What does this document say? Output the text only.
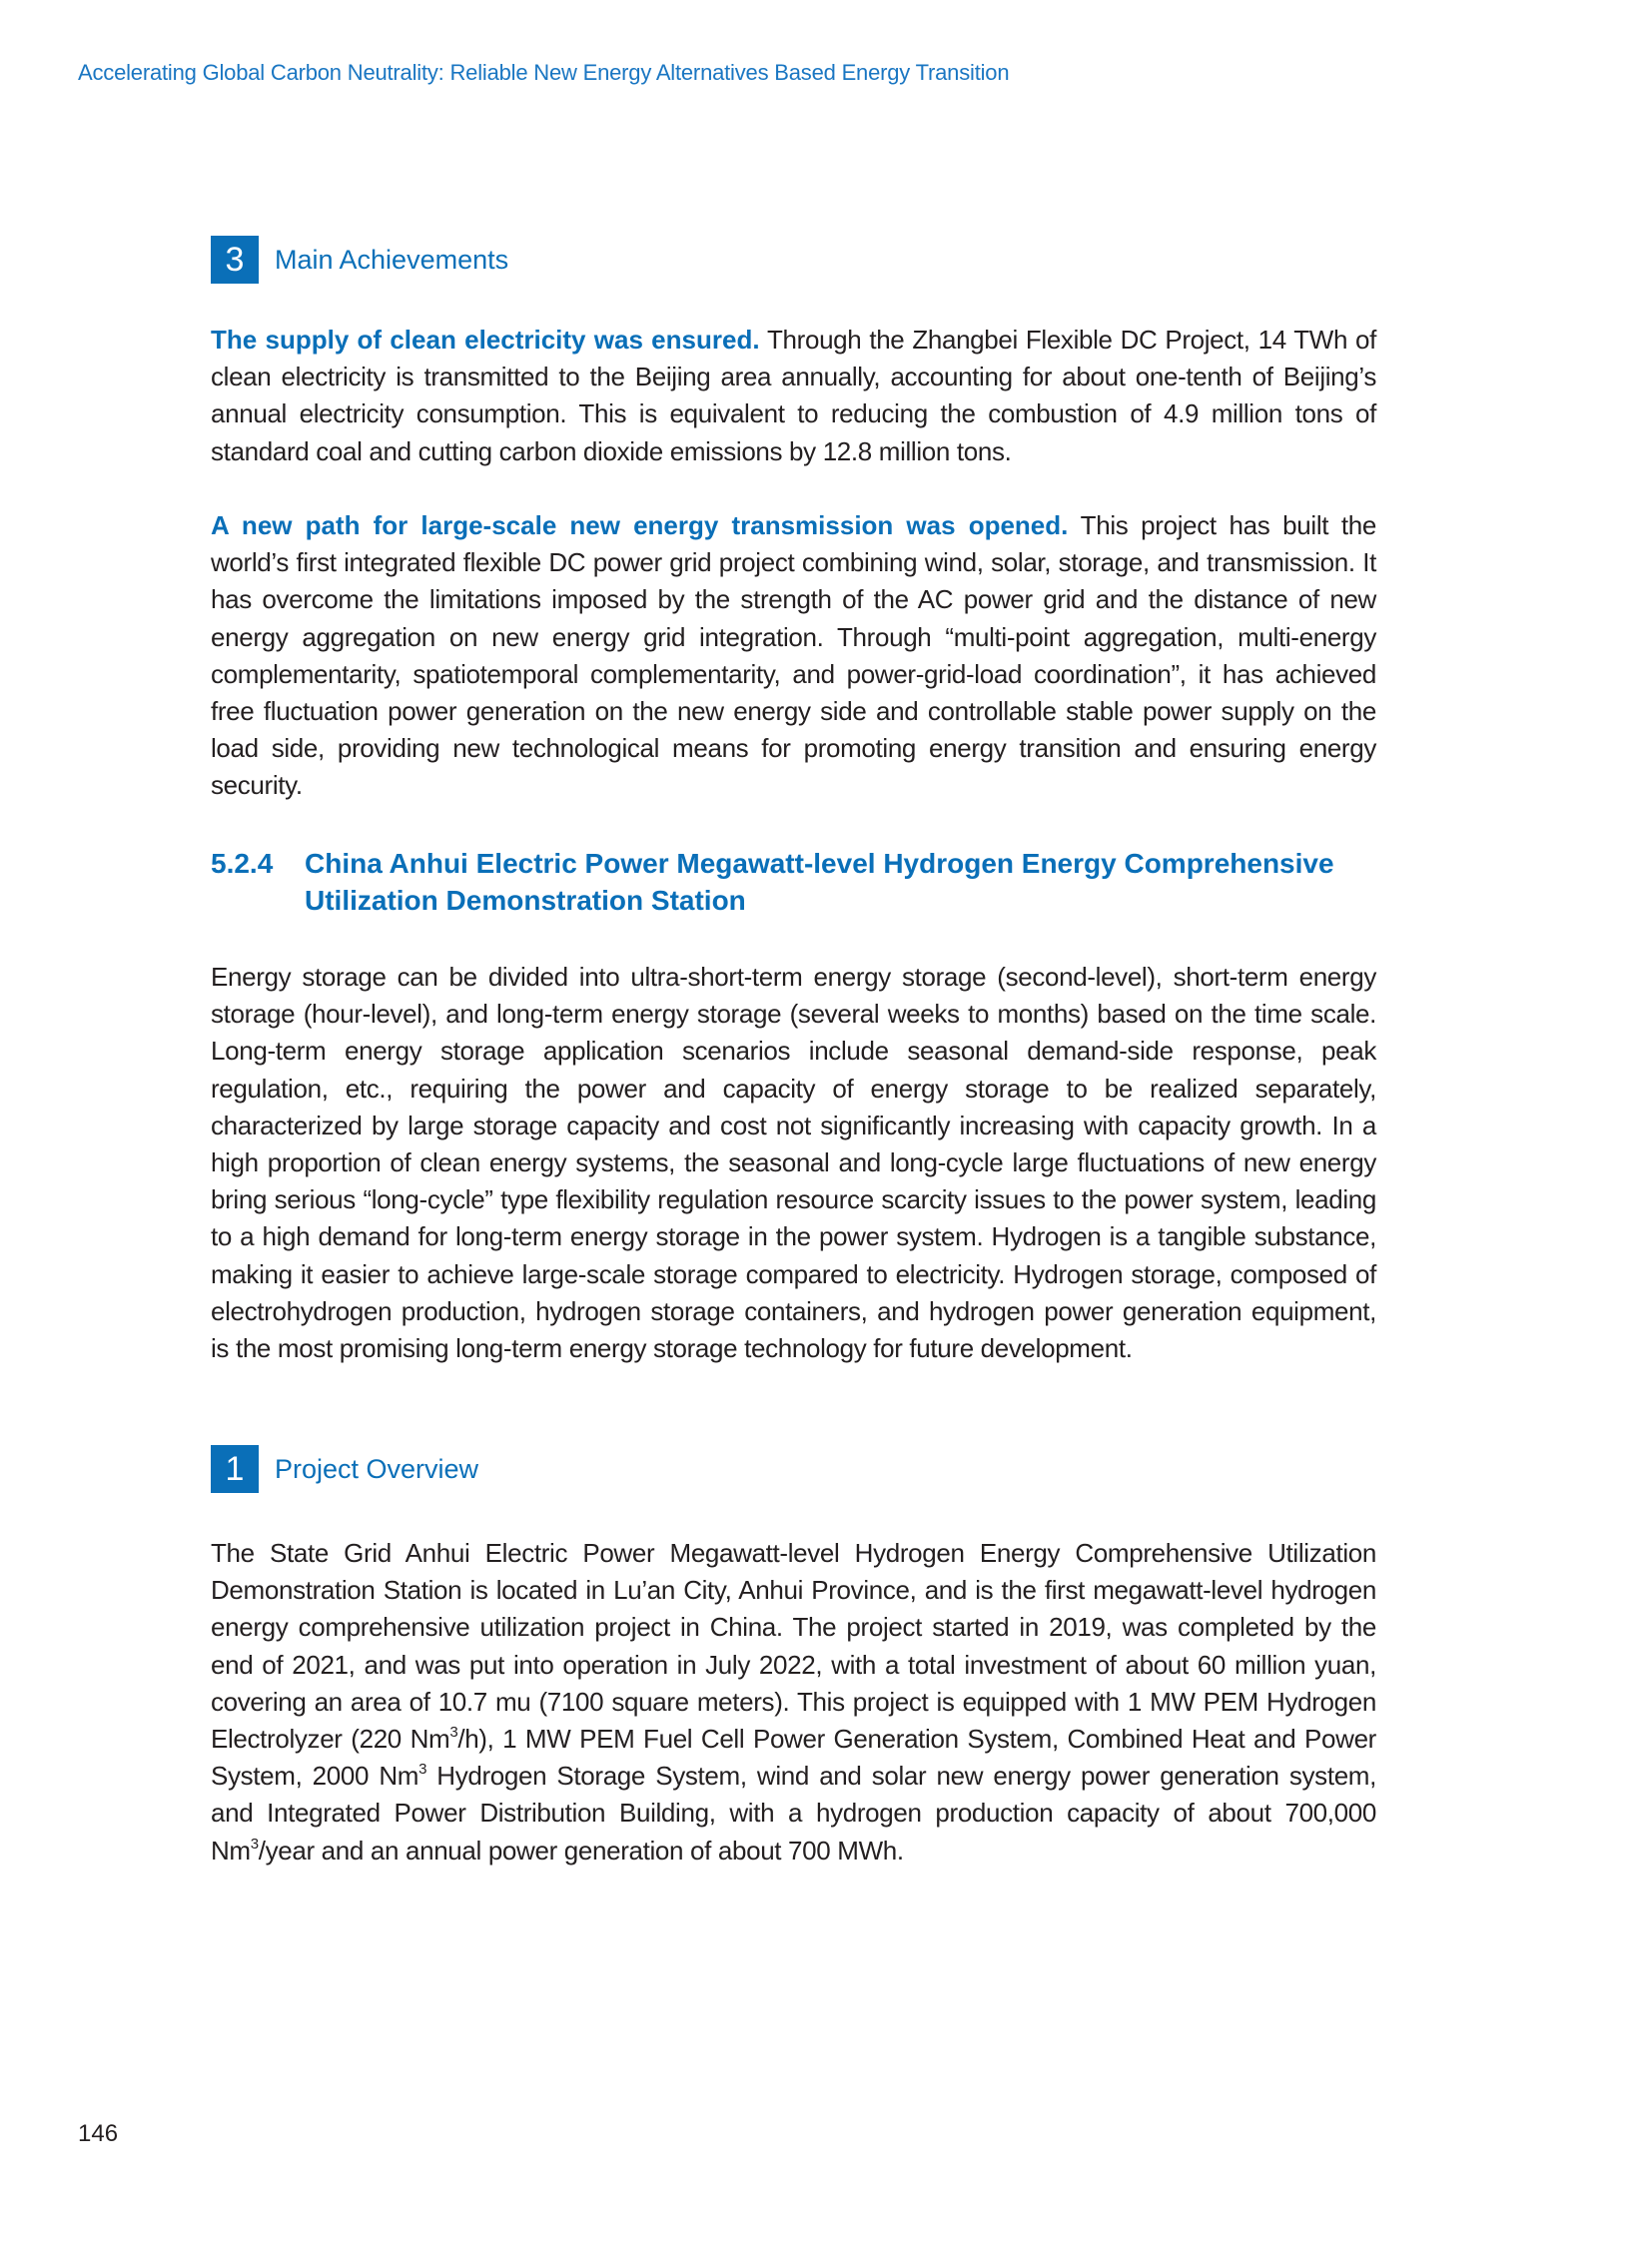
Accelerating Global Carbon Neutrality: Reliable New Energy Alternatives Based Energy Transition
3	Main Achievements

The supply of clean electricity was ensured. Through the Zhangbei Flexible DC Project, 14 TWh of clean electricity is transmitted to the Beijing area annually, accounting for about one-tenth of Beijing’s annual electricity consumption. This is equivalent to reducing the combustion of 4.9 million tons of standard coal and cutting carbon dioxide emissions by 12.8 million tons.

A new path for large-scale new energy transmission was opened. This project has built the world’s first integrated flexible DC power grid project combining wind, solar, storage, and transmission. It has overcome the limitations imposed by the strength of the AC power grid and the distance of new energy aggregation on new energy grid integration. Through “multi-point aggregation, multi-energy complementarity, spatiotemporal complementarity, and power-grid-load coordination”, it has achieved free fluctuation power generation on the new energy side and controllable stable power supply on the load side, providing new technological means for promoting energy transition and ensuring energy security.

5.2.4	China Anhui Electric Power Megawatt-level Hydrogen Energy Comprehensive Utilization Demonstration Station

Energy storage can be divided into ultra-short-term energy storage (second-level), short-term energy storage (hour-level), and long-term energy storage (several weeks to months) based on the time scale. Long-term energy storage application scenarios include seasonal demand-side response, peak regulation, etc., requiring the power and capacity of energy storage to be realized separately, characterized by large storage capacity and cost not significantly increasing with capacity growth. In a high proportion of clean energy systems, the seasonal and long-cycle large fluctuations of new energy bring serious “long-cycle” type flexibility regulation resource scarcity issues to the power system, leading to a high demand for long-term energy storage in the power system. Hydrogen is a tangible substance, making it easier to achieve large-scale storage compared to electricity. Hydrogen storage, composed of electrohydrogen production, hydrogen storage containers, and hydrogen power generation equipment, is the most promising long-term energy storage technology for future development.

1	Project Overview

The State Grid Anhui Electric Power Megawatt-level Hydrogen Energy Comprehensive Utilization Demonstration Station is located in Lu’an City, Anhui Province, and is the first megawatt-level hydrogen energy comprehensive utilization project in China. The project started in 2019, was completed by the end of 2021, and was put into operation in July 2022, with a total investment of about 60 million yuan, covering an area of 10.7 mu (7100 square meters). This project is equipped with 1 MW PEM Hydrogen Electrolyzer (220 Nm$^3$/h), 1 MW PEM Fuel Cell Power Generation System, Combined Heat and Power System, 2000 Nm$^3$ Hydrogen Storage System, wind and solar new energy power generation system, and Integrated Power Distribution Building, with a hydrogen production capacity of about 700,000 Nm$^3$/year and an annual power generation of about 700 MWh.

146
